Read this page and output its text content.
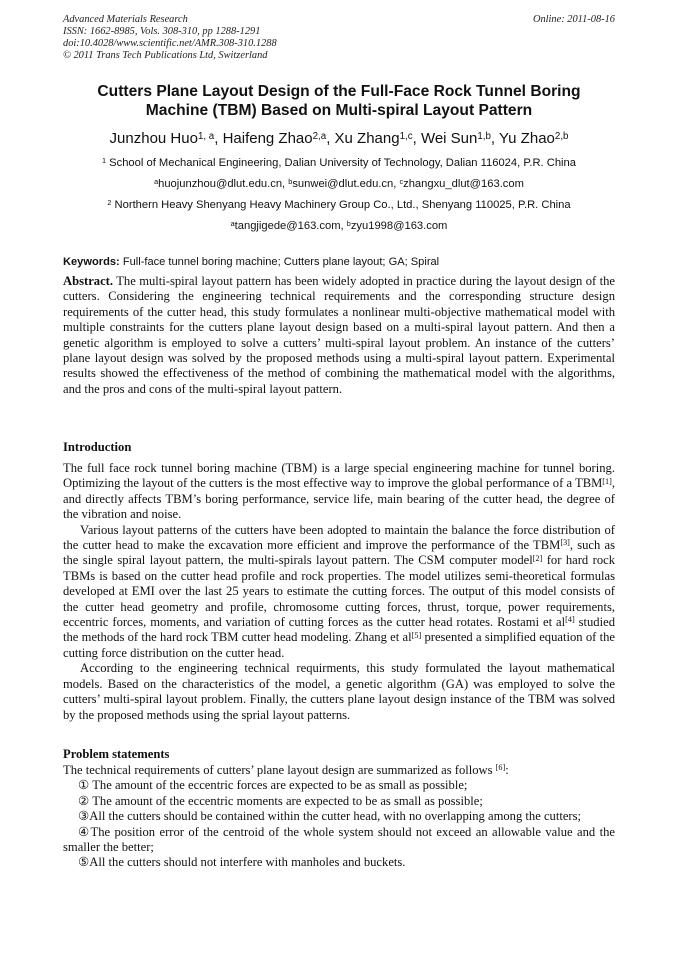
Advanced Materials Research
ISSN: 1662-8985, Vols. 308-310, pp 1288-1291
doi:10.4028/www.scientific.net/AMR.308-310.1288
© 2011 Trans Tech Publications Ltd, Switzerland
Online: 2011-08-16
Cutters Plane Layout Design of the Full-Face Rock Tunnel Boring
Machine (TBM) Based on Multi-spiral Layout Pattern
Junzhou Huo$^{1, a}$, Haifeng Zhao$^{2,a}$, Xu Zhang$^{1,c}$, Wei Sun$^{1,b}$, Yu Zhao$^{2,b}$
$^1$ School of Mechanical Engineering, Dalian University of Technology, Dalian 116024, P.R. China
$^a$huojunzhou@dlut.edu.cn, $^b$sunwei@dlut.edu.cn, $^c$zhangxu_dlut@163.com
$^2$ Northern Heavy Shenyang Heavy Machinery Group Co., Ltd., Shenyang 110025, P.R. China
$^a$tangjigede@163.com, $^b$zyu1998@163.com
Keywords: Full-face tunnel boring machine; Cutters plane layout; GA; Spiral

Abstract. The multi-spiral layout pattern has been widely adopted in practice during the layout design of the cutters. Considering the engineering technical requirements and the corresponding structure design requirements of the cutter head, this study formulates a nonlinear multi-objective mathematical model with multiple constraints for the cutters plane layout design based on a multi-spiral layout pattern. And then a genetic algorithm is employed to solve a cutters’ multi-spiral layout problem. An instance of the cutters’ plane layout design was solved by the proposed methods using a multi-spiral layout pattern. Experimental results showed the effectiveness of the method of combining the mathematical model with the algorithms, and the pros and cons of the multi-spiral layout pattern.

Introduction

The full face rock tunnel boring machine (TBM) is a large special engineering machine for tunnel boring. Optimizing the layout of the cutters is the most effective way to improve the global performance of a TBM[1], and directly affects TBM’s boring performance, service life, main bearing of the cutter head, the degree of the vibration and noise.

Various layout patterns of the cutters have been adopted to maintain the balance the force distribution of the cutter head to make the excavation more efficient and improve the performance of the TBM[3], such as the single spiral layout pattern, the multi-spirals layout pattern. The CSM computer model[2] for hard rock TBMs is based on the cutter head profile and rock properties. The model utilizes semi-theoretical formulas developed at EMI over the last 25 years to estimate the cutting forces. The output of this model consists of the cutter head geometry and profile, chromosome cutting forces, thrust, torque, power requirements, eccentric forces, moments, and variation of cutting forces as the cutter head rotates. Rostami et al[4] studied the methods of the hard rock TBM cutter head modeling. Zhang et al[5] presented a simplified equation of the cutting force distribution on the cutter head.

According to the engineering technical requirments, this study formulated the layout mathematical models. Based on the characteristics of the model, a genetic algorithm (GA) was employed to solve the cutters’ multi-spiral layout problem. Finally, the cutters plane layout design instance of the TBM was solved by the proposed methods using the sprial layout patterns.

Problem statements

The technical requirements of cutters’ plane layout design are summarized as follows [6]:

① The amount of the eccentric forces are expected to be as small as possible;
② The amount of the eccentric moments are expected to be as small as possible;
③All the cutters should be contained within the cutter head, with no overlapping among the cutters;
④The position error of the centroid of the whole system should not exceed an allowable value and the smaller the better;
⑤All the cutters should not interfere with manholes and buckets.
